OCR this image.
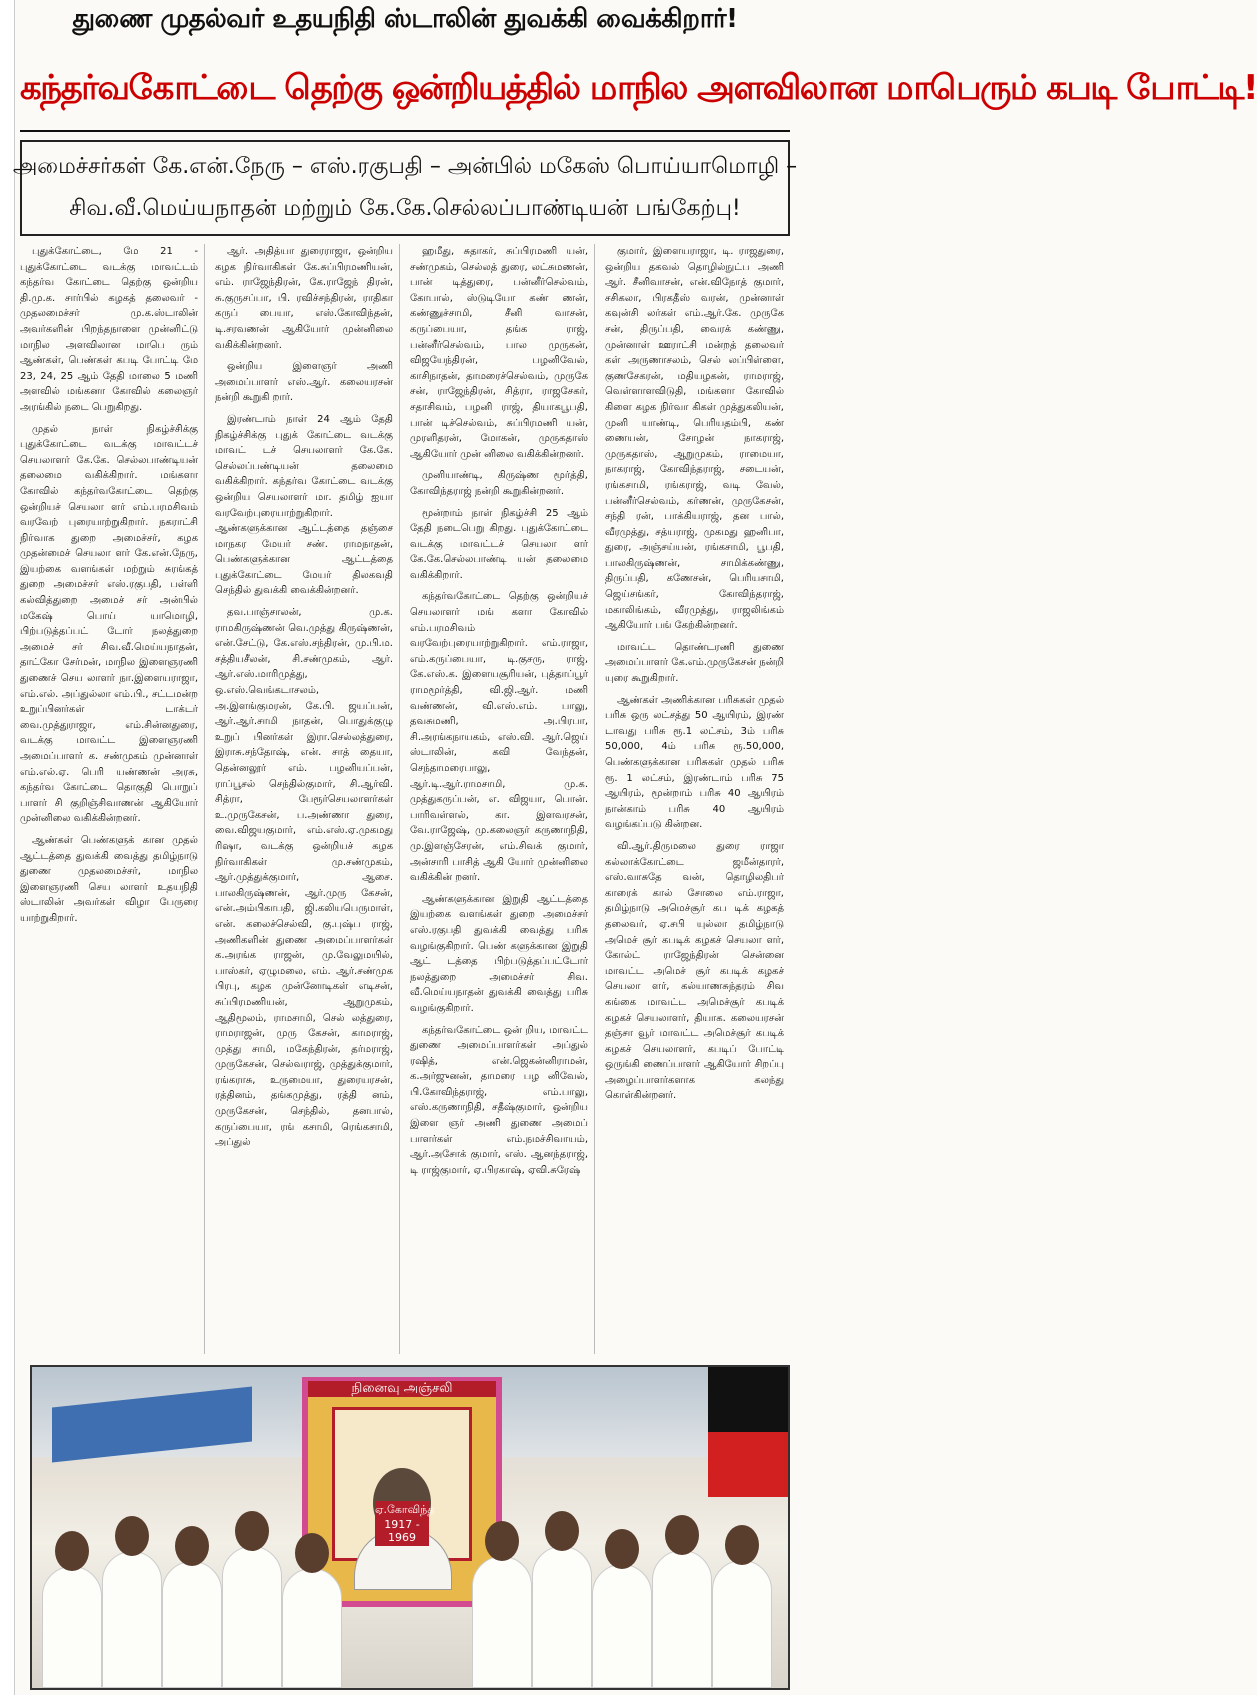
துணை முதல்வர் உதயநிதி ஸ்டாலின் துவக்கி வைக்கிறார்!
கந்தர்வகோட்டை தெற்கு ஒன்றியத்தில் மாநில அளவிலான மாபெரும் கபடி போட்டி!
அமைச்சர்கள் கே.என்.நேரு – எஸ்.ரகுபதி – அன்பில் மகேஸ் பொய்யாமொழி –
சிவ.வீ.மெய்யநாதன் மற்றும் கே.கே.செல்லப்பாண்டியன் பங்கேற்பு!

புதுக்கோட்டை, மே 21 - புதுக்கோட்டை வடக்கு மாவட்டம் கந்தர்வ கோட்டை தெற்கு ஒன்றிய தி.மு.க. சார்பில் கழகத் தலைவர் - முதலமைச்சர் மு.க.ஸ்டாலின் அவர்களின் பிறந்தநாளை முன்னிட்டு மாநில அளவிலான மாபெ ரும் ஆண்கள், பெண்கள் கபடி போட்டி மே 23, 24, 25 ஆம் தேதி மாலை 5 மணி அளவில் மங்கனா கோவில் கலைஞர் அரங்கில் நடை பெறுகிறது.

முதல் நாள் நிகழ்ச்சிக்கு புதுக்கோட்டை வடக்கு மாவட்டச் செயலாளர் கே.கே. செல்லபாண்டியன் தலைமை வகிக்கிறார். மங்களா கோவில் கந்தர்வகோட்டை தெற்கு ஒன்றியச் செயலா ளர் எம்.பரமசிவம் வரவேற் புரையாற்றுகிறார். நகராட்சி நிர்வாக துறை அமைச்சர், கழக முதன்மைச் செயலா ளர் கே.என்.நேரு, இயற்கை வளங்கள் மற்றும் சுரங்கத் துறை அமைச்சர் எஸ்.ரகுபதி, பள்ளி கல்வித்துறை அமைச் சர் அன்பில் மகேஷ் பொய் யாமொழி, பிற்படுத்தப்பட் டோர் நலத்துறை அமைச் சர் சிவ.வீ.மெய்யநாதன், தாட்கோ சேர்மன், மாநில இளைஞரணி துணைச் செய லாளர் நா.இளையராஜா, எம்.எல். அப்துல்லா எம்.பி., சட்டமன்ற உறுப்பினர்கள் டாக்டர் வை.முத்துராஜா, எம்.சின்னதுரை, வடக்கு மாவட்ட இளைஞரணி அமைப்பாளர் க. சண்முகம் முன்னாள் எம்.எல்.ஏ. பெரி யண்ணன் அரசு, கந்தர்வ கோட்டை தொகுதி பொறுப் பாளர் சி குறிஞ்சிவாணன் ஆகியோர் முன்னிலை வகிக்கின்றனர்.

ஆண்கள் பெண்களுக் கான முதல் ஆட்டத்தை துவக்கி வைத்து தமிழ்நாடு துணை முதலமைச்சர், மாநில இளைஞரணி செய லாளர் உதயநிதி ஸ்டாலின் அவர்கள் விழா பேருரை யாற்றுகிறார்.

ஆர். அதித்யா துரைராஜா, ஒன்றிய கழக நிர்வாகிகள் கே.சுப்பிரமணியன், எம். ராஜேந்திரன், கே.ராஜேந் திரன், சு.குருசப்பா, பி. ரவிச்சந்திரன், ராதிகா கருப் பையா, எஸ்.கோவிந்தன், டி.சரவணன் ஆகியோர் முன்னிலை வகிக்கின்றனர்.

ஒன்றிய இளைஞர் அணி அமைப்பாளர் எஸ்.ஆர். கலையரசன் நன்றி கூறுகி றார்.

இரண்டாம் நாள் 24 ஆம் தேதி நிகழ்ச்சிக்கு புதுக் கோட்டை வடக்கு மாவட் டச் செயலாளர் கே.கே. செல்லப்பண்டியன் தலைமை வகிக்கிறார். கந்தர்வ கோட்டை வடக்கு ஒன்றிய செயலாளர் மா. தமிழ் ஐயா வரவேற்புரையாற்றுகிறார். ஆண்களுக்கான ஆட்டத்தை தஞ்சை மாநகர மேயர் சண். ராமநாதன், பெண்களுக்கான ஆட்டத்தை புதுக்கோட்டை மேயர் திலகவதி செந்தில் துவக்கி வைக்கின்றனர்.

தவ.பாஞ்சாலன், மு.க. ராமகிருஷ்ணன் வெ.முத்து கிருஷ்ணன், என்.சேட்டு, கே.எஸ்.சந்திரன், மு.பி.ம. சத்தியசீலன், சி.சண்முகம், ஆர். ஆர்.எஸ்.மாரிமுத்து, ஒ.எஸ்.வெங்கடாசலம், அ.இளங்குமரன், கே.பி. ஜயப்பன், ஆர்.ஆர்.சாமி நாதன், பொதுக்குழு உறுப் பினர்கள் இரா.செல்லத்துரை, இராசு.சந்தோஷ், என். சாத் தையா, தென்னலூர் எம். பழனியப்பன், ராப்பூசல் செந்தில்குமார், சி.ஆர்வி. சித்ரா, பேரூர்செயலாளர்கள் உ.முருகேசன், ப.அண்ணா துரை, வை.விஜயகுமார், எம்.எஸ்.ஏ.முகமது ரிஷா, வடக்கு ஒன்றியச் கழக நிர்வாகிகள் மு.சண்முகம், ஆர்.முத்துக்குமார், ஆசை. பாலகிருஷ்ணன், ஆர்.முரு கேசன், என்.அம்பிகாபதி, ஜி.கலியபெருமாள், என். கலைச்செல்வி, கு.புஷ்ப ராஜ், அணிகளின் துணை அமைப்பாளர்கள் க.அரங்க ராஜன், மு.வேலுமயில், பாஸ்கர், ஏழுமலை, எம். ஆர்.சண்முக பிரபு, கழக முன்னோடிகள் எடிசன், சுப்பிரமணியன், ஆறுமுகம், ஆதிமூலம், ராமசாமி, செல் லத்துரை, ராமராஜன், முரு கேசன், காமராஜ், முத்து சாமி, மகேந்திரன், தர்மராஜ், முருகேசன், செல்வராஜ், முத்துக்குமார், ரங்கராசு, உருமையா, துரையரசன், ரத்தினம், தங்கமுத்து, ரத்தி னம், முருகேசன், செந்தில், தனபால், கருப்பையா, ரங் கசாமி, ரெங்கசாமி, அப்துல்

ஹமீது, சுதாகர், சுப்பிரமணி யன், சண்முகம், செல்லத் துரை, லட்சுமணன், பான் டித்துரை, பன்னீர்செல்வம், கோபால், ஸ்டுடியோ கண் ணன், கண்ணுச்சாமி, சீனி வாசன், கருப்பையா, தங்க ராஜ், பன்னீர்செல்வம், பால முருகன், விஜயேந்திரன், பழனிவேல், காசிநாதன், தாமரைச்செல்வம், முருகே சன், ராஜேந்திரன், சித்ரா, ராஜசேகர், சதாசிவம், பழனி ராஜ், தியாகபூபதி, பான் டிச்செல்வம், சுப்பிரமணி யன், முரளிதரன், மோகன், முருகதாஸ் ஆகியோர் முன் னிலை வகிக்கின்றனர்.

முனியாண்டி, கிருஷ்ண மூர்த்தி, கோவிந்தராஜ் நன்றி கூறுகின்றனர்.

மூன்றாம் நாள் நிகழ்ச்சி 25 ஆம் தேதி நடைபெறு கிறது. புதுக்கோட்டை வடக்கு மாவட்டச் செயலா ளர் கே.கே.செல்லபாண்டி யன் தலைமை வகிக்கிறார்.

கந்தர்வகோட்டை தெற்கு ஒன்றியச் செயலாளர் மங் களா கோவில் எம்.பரமசிவம் வரவேற்புரையாற்றுகிறார். எம்.ராஜா, எம்.கருப்பையா, டி.குசரு, ராஜ், கே.எஸ்.க. இளையசூரியன், புத்தாப்பூர் ராமமூர்த்தி, வி.ஜி.ஆர். மணி வண்ணன், வி.எஸ்.எம். பாலு, தவசுமணி, அ.பிரபா, சி.அரங்கநாயகம், எஸ்.வி. ஆர்.ஜெய் ஸ்டாலின், கவி வேந்தன், செந்தாமரைபாலு, ஆர்.டி.ஆர்.ராமசாமி, மு.க. முத்துகருப்பன், எ. விஜயா, பொன். பாரிவள்ளல், கா. இளவரசன், வே.ராஜேஷ், மு.கலைஞர் கருணாநிதி, மு.இளஞ்சேரன், எம்.சிவக் குமார், அன்சாரி பாசித் ஆகி யோர் முன்னிலை வகிக்கின் றனர்.

ஆண்களுக்கான இறுதி ஆட்டத்தை இயற்கை வளங்கள் துறை அமைச்சர் எஸ்.ரகுபதி துவக்கி வைத்து பரிசு வழங்குகிறார். பெண் களுக்கான இறுதி ஆட் டத்தை பிற்படுத்தப்பட்டோர் நலத்துறை அமைச்சர் சிவ. வீ.மெய்யநாதன் துவக்கி வைத்து பரிசு வழங்குகிறார்.

கந்தர்வகோட்டை ஒன் றிய, மாவட்ட துணை அமைப்பாளர்கள் அப்துல் ரஷித், என்.ஜெகன்னிராமன், க.அர்ஜுனன், தாமரை பழ னிவேல், பி.கோவிந்தராஜ், எம்.பாலு, எஸ்.கருணாநிதி, சதீஷ்குமார், ஒன்றிய இளை ஞர் அணி துணை அமைப் பாளர்கள் எம்.நமச்சிவாயம், ஆர்.அசோக் குமார், எஸ். ஆனந்தராஜ், டி ராஜ்குமார், ஏ.பிரகாஷ், ஏவி.சுரேஷ்

குமார், இளையராஜா, டி. ராஜதுரை, ஒன்றிய தகவல் தொழில்நுட்ப அணி ஆர். சீனிவாசன், என்.விநோத் குமார், சசிகலா, பிரகதீஸ் வரன், முன்னாள் கவுன்சி லர்கள் எம்.ஆர்.கே. முருகே சன், திருப்பதி, வைரக் கண்ணு, முன்னாள் ஊராட்சி மன்றத் தலைவர் கள் அருணாசலம், செல் லப்பிள்ளை, குணசேகரன், மதியழகன், ராமராஜ், வெள்ளாளவிடுதி, மங்களா கோவில் கிளை கழக நிர்வா கிகள் முத்துகலியன், முனி யாண்டி, பெரியதம்பி, கண் ணையன், சோழன் நாகராஜ், முருகதாஸ், ஆறுமுகம், ராமையா, நாகராஜ், கோவிந்தராஜ், சடையன், ரங்கசாமி, ரங்கராஜ், வடி வேல், பன்னீர்செல்வம், கர்ணன், முருகேசன், சந்தி ரன், பாக்கியராஜ், தன பால், வீரமுத்து, சத்யராஜ், முகமது ஹனிபா, துரை, அஞ்சய்யன், ரங்கசாமி, பூபதி, பாலகிருஷ்ணன், சாமிக்கண்ணு, திருப்பதி, கணேசன், பெரியசாமி, ஜெய்சங்கர், கோவிந்தராஜ், மகாலிங்கம், வீரமுத்து, ராஜலிங்கம் ஆகியோர் பங் கேற்கின்றனர்.

மாவட்ட தொண்டரணி துணை அமைப்பாளர் கே.எம்.முருகேசன் நன்றி யுரை கூறுகிறார்.

ஆண்கள் அணிக்கான பரிசுகள் முதல் பரிசு ஒரு லட்சத்து 50 ஆயிரம், இரண் டாவது பரிசு ரூ.1 லட்சம், 3ம் பரிசு 50,000, 4ம் பரிசு ரூ.50,000, பெண்களுக்கான பரிசுகள் முதல் பரிசு ரூ. 1 லட்சம், இரண்டாம் பரிசு 75 ஆயிரம், மூன்றாம் பரிசு 40 ஆயிரம் நான்காம் பரிசு 40 ஆயிரம் வழங்கப்படு கின்றன.

வி.ஆர்.திருமலை துரை ராஜா கல்லாக்கோட்டை ஜமீன்தாரர், எஸ்.வாசுதே வன், தொழிலதிபர் காரைக் கால் சோலை எம்.ராஜா, தமிழ்நாடு அமெச்சூர் கப டிக் கழகத் தலைவர், ஏ.சபி யுல்லா தமிழ்நாடு அமெச் சூர் கபடிக் கழகச் செயலா ளர், கோல்ட் ராஜேந்திரன் சென்னை மாவட்ட அமெச் சூர் கபடிக் கழகச் செயலா ளர், கல்யாணசுந்தரம் சிவ கங்கை மாவட்ட அமெச்சூர் கபடிக் கழகச் செயலாளர், தியாக. கலையரசன் தஞ்சா வூர் மாவட்ட அமெச்சூர் கபடிக் கழகச் செயலாளர், கபடிப் போட்டி ஒருங்கி ணைப்பாளர் ஆகியோர் சிறப்பு அழைப்பாளர்களாக கலந்து கொள்கின்றனர்.

நினைவு அஞ்சலி
ஏ.கோவிந்த
1917 - 1969
